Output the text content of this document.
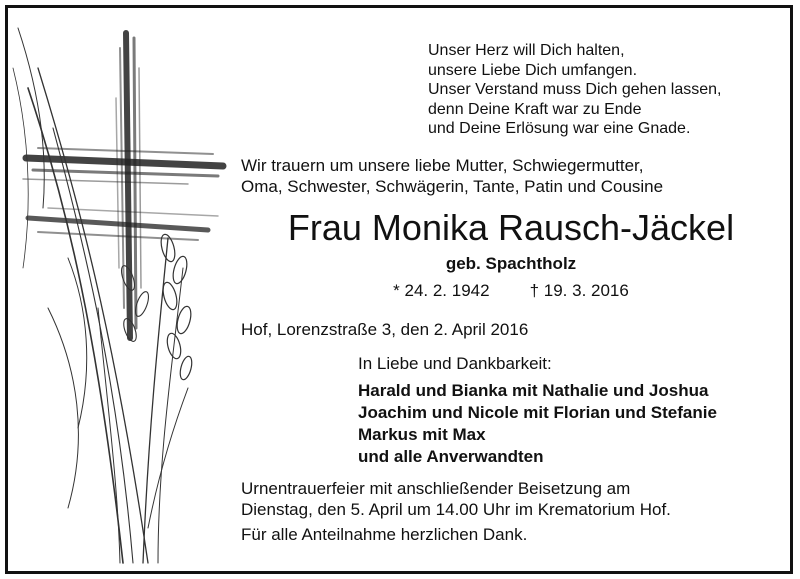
Unser Herz will Dich halten,
unsere Liebe Dich umfangen.
Unser Verstand muss Dich gehen lassen,
denn Deine Kraft war zu Ende
und Deine Erlösung war eine Gnade.
Wir trauern um unsere liebe Mutter, Schwiegermutter,
Oma, Schwester, Schwägerin, Tante, Patin und Cousine
Frau Monika Rausch-Jäckel
geb. Spachtholz
* 24. 2. 1942 † 19. 3. 2016
Hof, Lorenzstraße 3, den 2. April 2016
In Liebe und Dankbarkeit:
Harald und Bianka mit Nathalie und Joshua
Joachim und Nicole mit Florian und Stefanie
Markus mit Max
und alle Anverwandten
Urnentrauerfeier mit anschließender Beisetzung am
Dienstag, den 5. April um 14.00 Uhr im Krematorium Hof.
Für alle Anteilnahme herzlichen Dank.
